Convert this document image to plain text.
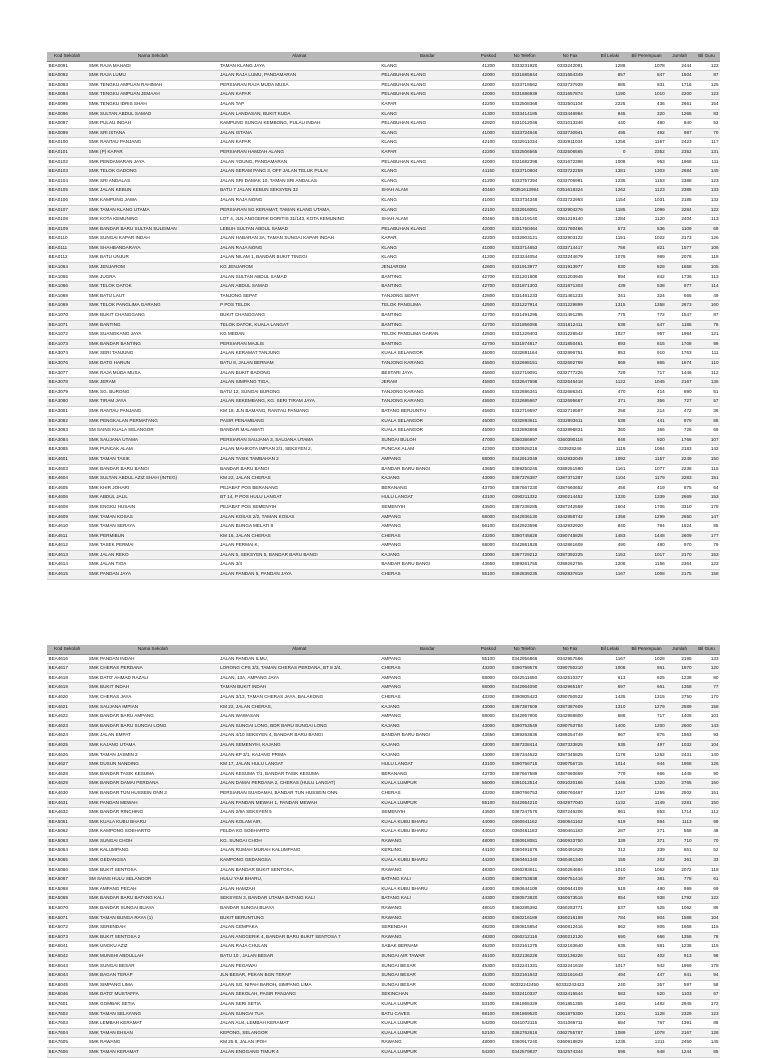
Kod Sekolah	Nama Sekolah	Alamat	Bandar	Poskod	No Telefon	No Fax	Bil Lelaki	Bil Perempuan	Jumlah	Bil Guru
BEA0091	SMK RAJA MAHADI	TAMAN KLANG JAYA	KLANG	41200	0333231920	0333242091	1288	1078	2444	122
BEA0092	SMK RAJA LUMU	JALAN RAJA LUMU, PANDAMARAN	PELABUHAN KLANG	42000	0331685844	0331654349	857	847	1504	87
BEA0093	SMK TENGKU AMPUAN RAHIMAH	PERSIARAN RAJA MUDA MUSA	PELABUHAN KLANG	42000	0333718562	0333737929	885	831	1716	125
BEA0094	SMK TENGKU AMPUAN JEMAAH	JALAN KAPAR	PELABUHAN KLANG	42000	0331686939	0331657874	1190	1010	2200	123
BEA0095	SMK TENGKU IDRIS SHAH	JALAN TAP	KAPAR	42200	0332508368	0332501104	2225	436	2661	154
BEA0096	SMK SULTAN ABDUL SAMAD	JALAN LANDASAN, BUKIT KUDA	KLANG	41300	0333414185	0333446984	845	320	1265	83
BEA0097	SMK PULAU INDAH	KAMPUNG SUNGAI KEMBONG, PULAU INDAH	PELABUHAN KLANG	42920	0331012046	0331013346	440	480	940	53
BEA0099	SMK SRI ISTANA	JALAN ISTANA	KLANG	41000	0333724846	0333730941	495	492	987	70
BEA0100	SMK RANTAU PANJANG	JALAN KAPAR	KLANG	42100	0332911034	0332911034	1256	1167	2423	117
BEA0101	SMK (P) KAPAR	PERSIARAN HAMZAH ALANG	KAPAR	42200	0332506565	0332506565	0	2352	2352	131
BEA0102	SMK PENDAMARAN JAYA	JALAN YOUNG, PANDAMARAN	PELABUHAN KLANG	42000	0331682398	0331672398	1008	953	1968	111
BEA0103	SMK TELOK GADONG	JALAN SERAM PANG 3, OFF JALAN TELUK PULAI	KLANG	41150	0333710804	0333722259	1381	1303	2684	145
BEA0104	SMK SRI ANDALAS	JALAN SRI DAMAK 10, TAMAN SRI ANDALAS	KLANG	41200	0333757394	0333706981	1235	1153	2388	123
BEA0105	SMK JALAN KEBUN	BATU 7 JALAN KEBUN SEKSYEN 32	SHAH ALAM	40460	60351613984	0351618324	1262	1123	2385	133
BEA0106	SMK KAMPUNG JAWA	JALAN RAJA NONG	KLANG	41000	0333734348	0333722953	1154	1031	2185	132
BEA0107	SMK TAMAN KLANG UTAMA	PERSIARAN SG KERAMAT, TAMAN KLANG UTAMA,	KLANG	42100	0332916081	0332904276	1185	1099	2284	122
BEA0108	SMK KOTA KEMUNING	LOT 4, JLN ANGGERIK DORITIS 31/143, KOTA KEMUNING	SHAH ALAM	40460	0351219140	0351219140	1284	1120	2404	113
BEA0109	SMK BANDAR BARU SULTAN SULEIMAN	LEBUH SULTAN ABDUL SAMAD	PELABUHAN KLANG	42000	0331760464	0331760466	573	536	1109	69
BEA0110	SMK SUNGAI KAPAR INDAH	JALAN HABARAN 3A, TAMAN SUNGAI KAPAR INDAH	KAPAR	42200	0332903121	0332903122	1151	1022	2173	126
BEA0111	SMK SHAHBANDARAYA	JALAN RAJA NONG	KLANG	41000	0333714653	0333714417	756	821	1577	106
BEA0112	SMK BATU UNJUR	JALAN NILAM 1, BANDAR BUKIT TINGGI	KLANG	41200	0333244054	0333244679	1079	989	2078	118
BEA1064	SMK JENJAROM	KG JENJAROM	JENJAROM	42600	0331913977	0331913977	830	828	1658	105
BEA1065	SMK JUGRA	JALAN SULTAN ABDUL SAMAD	BANTING	42700	0331201808	0331203946	894	842	1736	113
BEA1066	SMK TELOK DATOK	JALAN ABDUL SAMAD	BANTING	42700	0331871303	0331871303	439	538	977	114
BEA1068	SMK BATU LAUT	TANJONG SEPAT	TANJONG SEPAT	42800	0331481233	0331481233	341	324	665	49
BEA1069	SMK TELOK PANGLIMA GARANG	P POS TELOK	TELOK PANGLIMA	42500	0331227914	0331229899	1315	1358	2673	160
BEA1070	SMK BUKIT CHANGGANG	BUKIT CHANGGANG	BANTING	42700	0331491295	0331491295	775	772	1547	87
BEA1071	SMK BANTING	TELOK DATOK, KUALA LANGAT	BANTING	42700	0331856086	0331812411	538	647	1185	78
BEA1072	SMK SUANGKANG JAYA	KG MEDAN	TELOK PANGLIMA GARAN	42500	0331229403	0331228542	1027	957	1984	121
BEA1073	SMK BANDAR BANTING	PERSIARAN MAJLIS	BANTING	42700	0331874817	0331850461	893	815	1708	99
BEA3074	SMK SERI TANJUNG	JALAN KERAMAT TANJUNG	KUALA SELANGOR	45000	0332891164	0332896751	853	910	1763	111
BEA3076	SMK DATO HARUN	BATU 8, JALAN BERNAM	TANJONG KARANG	45500	0332698151	0332692769	869	865	1674	110
BEA3077	SMK RAJA MUDA MUSA	JALAN BUKIT BADONG	BESTARI JAYA	45600	0332719091	0332777226	729	717	1446	112
BEA3078	SMK JERAM	JALAN SIMPANG TIGA,	JERAM	45800	0332647698	0332646418	1122	1045	2167	136
BEA3079	SMK SG. BURONG	BATU 12, SUNGAI BURONG	TANJONG KARANG	45500	0332686341	0332686341	470	414	890	51
BEA3080	SMK TIRAM JAYA	JALAN SEKEMBANG, KG. SERI TIRAM JAYA	TANJONG KARANG	45500	0332695667	0332695667	371	356	727	57
BEA3081	SMK RANTAU PANJANG	KM 18, JLN BAMANG, RANTAU PANJANG	BATANG BERJUNTAI	45600	0332719597	0332719597	258	214	472	36
BEA3082	SMK PENGKALAN PERMATANG	PASIR PENAMBANG	KUALA SELANGOR	45000	0332893611	0332893611	538	441	979	88
BEA3083	SM SAINS KUALA SELANGOR	BANDAR MALAWATI	KUALA SELANGOR	45000	0332893866	0332896831	360	366	726	69
BEA3084	SMK SAUJANA UTAMA	PERSIARAN SAUJANA 3, SAUJANA UTAMA	SUNGAI BULOH	47000	0360386997	0360390118	846	920	1766	107
BEA3085	SMK PUNCAK ALAM	JALAN MAHKOTA IMPIAN 2/1, SEKSYEN 2,	PUNCAK ALAM	42300	0330928216	033928246	1119	1064	2183	142
BEA4601	SMK TAMAN TASIK	JALAN TASIK TAMBAHAN 2	AMPANG	68000	0342912049	0342832049	1092	1157	2249	150
BEA4603	SMK BANDAR BARU BANGI	BANDAR BARU BANGI	BANDAR BARU BANGI	43650	0389250245	0389251590	1161	1077	2238	115
BEA4604	SMK SULTAN ABDUL AZIZ SHAH (INTEG)	KM 22, JALAN CHERAS	KAJANG	43000	0387376387	0387371287	1104	1179	2283	151
BEA4605	SMK KHIR JOHARI	PEJABAT POS BERANANG	BERANANG	43700	0387667230	0387660652	456	419	875	64
BEA4606	SMK ABDUL JALIL	BT 14, P POS HULU LANGAT	HULU LANGAT	43100	0390211332	0390214452	1330	1339	2669	153
BEA4608	SMK ENGKU HUSAIN	PEJABAT POS SEMENYIH	SEMENYIH	43500	0387238285	0387242569	1604	1706	3310	178
BEA4609	SMK TAMAN KOSAS	JALAN KOSAS 2/2, TAMAN KOSAS	AMPANG	68000	0342936130	0342858742	1358	1299	2650	147
BEA4610	SMK TAMAN SERAYA	JALAN BUNGA MELATI 8	AMPANG	56100	0342923696	0342932920	840	784	1624	95
BEA4611	SMK PERMIBUN	KM 16, JALAN CHERAS	CHERAS	43200	0390745828	0390745828	1483	1448	2609	177
BEA4612	SMK TASEK PERMAI	JALAN PERMAI K,	AMPANG	68000	0342861828	0342861609	490	480	970	79
BEA4613	SMK JALAN REKO	JALAN 5, SEKSYEN 5, BANDAR BARU BANGI	KAJANG	43000	0387729212	0387392225	1153	1017	2170	153
BEA4614	SMK JALAN TIGA	JALAN 3/4	BANDAR BARU BANGI	43650	0389261755	0389262755	1208	1156	2364	123
BEA4615	SMK PANDAN JAYA	JALAN PANDAN 5, PANDAN JAYA	CHERAS	55100	0392839235	0392837819	1167	1008	2175	158
Kod Sekolah	Nama Sekolah	Alamat	Bandar	Poskod	No Telefon	No Fax	Bil Lelaki	Bil Perempuan	Jumlah	Bil Guru
BEA4616	SMK PANDAN INDAH	JALAN PANDAN ILMU,	AMPANG	55100	0342956866	0342957566	1167	1028	2195	133
BEA4617	SMK CHERAS PERDANA	LORONG CPS 3/3, TAMAN CHERAS PERDANA, BT 8 3/4,	CHERAS	43200	0390759576	0390750210	1008	861	1870	120
BEA4618	SMK DATO' AHMAD RAZALI	JALAN, 13A, AMPANG JAYA	AMPANG	68000	0342511650	0342510377	613	625	1238	80
BEA4619	SMK BUKIT INDAH	TAMAN BUKIT INDAH	AMPANG	68000	0342964090	0342965157	697	661	1358	77
BEA4620	SMK CHERAS JAYA	JALAN 3/13, TAMAN CHERAS JAYA, BALAKONG	CHERAS	43200	0390805423	0390750522	1435	1315	2750	170
BEA4621	SMK SAUJANA IMPIAN	KM 22, JALAN CHERAS,	KAJANG	43000	0387387609	0387387609	1310	1279	2589	158
BEA4622	SMK BANDAR BARU AMPANG	JALAN WAWASAN	AMPANG	68000	0342957800	0342958800	688	717	1405	101
BEA4623	SMK BANDAR BARU SUNGAI LONG	JALAN SUNGAI LONG, BDR BARU SUNGAI LONG	KAJANG	43000	0390753549	0390753784	1400	1200	2600	143
BEA4624	SMK JALAN EMPAT	JALAN 4/10 SEKSYEN 4, BANDAR BARU BANGI	BANDAR BARU BANGI	43650	0389263836	0389254749	867	876	1563	93
BEA4625	SMK KAJANG UTAMA	JALAN SEMENYIH, KAJANG	KAJANG	43000	0387338414	0387333825	535	497	1032	104
BEA4626	SMK TAMAN JASMIN 2	JALAN KP 3/1, KAJANG PRIMA	KAJANG	43000	0387344522	0387345825	1178	1252	2431	140
BEA4627	SMK DUSUN NANDING	KM 17, JALAN HULU LANGAT	HULU LANGAT	43100	0390756715	0390756715	1014	944	1958	126
BEA4628	SMK BANDAR TASIK KESUMA	JALAN KESUMA 7/1, BANDAR TASIK KESUMA	BERANANG	43700	0387667589	0387660669	779	666	1445	90
BEA4629	SMK BANDAR DAMAI PERDANA	JALAN DAMAI PERDANA 2, CHERAS (HULU LANGAT)	KUALA LUMPUR	56000	0391012514	0391020166	1445	1320	2765	150
BEA4630	SMK BANDAR TUN HUSSEIN ONN 2	PERSIARAN SUADAMAI, BANDAR TUN HUSSEIN ONN	CHERAS	43200	0390766753	0390760467	1247	1255	2502	151
BEA4631	SMK PANDAN MEWAH	JALAN PANDAN MEWAH 1, PANDAN MEWAH	KUALA LUMPUR	55100	0342954210	0342977040	1132	1149	2281	150
BEA4632	SMK BANDAR RINCHING	JALAN 2/9A SEKSYEN 5	SEMENYIH	43500	0387247576	0387246206	861	853	1714	112
BEA5061	SMK KUALA KUBU BHARU	JALAN KOLAM AIR,	KUALA KUBU BHARU	44000	0360641162	0360641162	519	594	1113	99
BEA5062	SMK KAMPONG SOEHARTO	FELDA KG SOEHARTO	KUALA KUBU BHARU	44010	0360461183	0360461183	287	271	558	48
BEA5063	SMK SUNGAI CHOH	KG. SUNGAI CHOH	RAWANG	48000	0360918081	0360933750	339	371	710	70
BEA5064	SMK KALUMPANG	JALAN RUMAH MURAH KALUMPANG	KERLING	44100	0360491676	0360491629	312	339	651	52
BEA5065	SMK GEDANGSA	KAMPONG GEDANGSA	KUALA KUBU BHARU	44200	0360461340	0360461340	159	202	361	33
BEA5066	SMK BUKIT SENTOSA	JALAN BANDAR BUKIT SENTOSA,	RAWANG	48300	0360283611	0360284684	1010	1062	2072	118
BEA5067	SM SAINS HULU SELANGOR	HULU YAM BHARU,	BATANG KALI	44300	0360753838	0360751416	397	381	778	61
BEA5068	SMK AMPANG PECAH	JALAN HAMZAH	KUALA KUBU BHARU	44000	0360644109	0360644109	519	480	999	69
BEA5069	SMK BANDAR BARU BATANG KALI	SEKSYEN 3, BANDAR UTAMA BATANG KALI	BATANG KALI	44300	0360573820	0360573516	854	938	1792	122
BEA5070	SMK BANDAR SUNGAI BUAYA	BANDAR SUNGAI BUAYA	RAWANG	48010	0360285392	0360283771	537	525	1062	86
BEA5071	SMK TAMAN BUNGA RAYA (1)	BUKIT BERUNTUNG	RAWANG	48300	0360216189	0360216189	784	804	1588	104
BEA5072	SMK SERENDAH	JALAN CEMPAKA	SERENDAH	48200	0360815854	0360812416	862	806	1668	115
BEA5073	SMK BUKIT SENTOSA 2	JALAN ANGGERIK 4, BANDAR BARU BUKIT SENTOSA 7	RAWANG	48300	0360212116	0360212120	690	666	1356	78
BEA6041	SMK UNGKU AZIZ	JALAN RAJA CHULAN	SABAK BERNAM	45200	0332161275	0332163640	635	581	1236	115
BEA6042	SMK MUNSHI ABDULLAH	BATU 10 , JALAN BESAR	SUNGAI AIR TAWAR	45100	0332136226	0332136226	511	402	913	98
BEA6043	SMK SUNGAI BESAR	JALAN PEGAWAI	SUNGAI BESAR	45300	0332241331	0332241618	1017	942	1959	178
BEA6044	SMK BAGAN TERAP	JLN BESAR, PEKAN BGN TERAP	SUNGAI BESAR	45300	0332161643	0332161643	494	447	941	94
BEA6045	SMK SIMPANG LIMA	JALAN SG. NIPAH BAROH, SIMPANG LIMA	SUNGAI BESAR	45300	60332242450	60332243423	240	357	597	58
BEA6046	SMK DATO' MUSTAFFA	JALAN SEKOLAH, PASIR PANJANG	SEKINCHAN	45400	0332410337	0332415544	583	520	1103	67
BEA7601	SMK GOMBAK SETIA	JALAN SERI SETIA	KUALA LUMPUR	53100	0361865329	0361851355	1483	1482	2945	172
BEA7602	SMK TAMAN SELAYANG	JALAN SUNGAI TUA	BATU CAVES	68100	0361869520	0361875300	1201	1128	2329	123
BEA7603	SMK LEMBAH KERAMAT	JALAN AU4, LEMBAH KERAMAT	KUALA LUMPUR	54200	0341072115	0341066711	684	767	1391	88
BEA7604	SMK TAMAN EHSAN	KEPONG, SELANGOR	KUALA LUMPUR	52100	0362762616	0362755767	1089	1078	2167	128
BEA7605	SMK RAWANG	KM 25 8, JALAN IPOH	RAWANG	48000	0360917240	0360918829	1235	1211	2450	145
BEA7606	SMK TAMAN KERAMAT	JALAN ENGGANG TIMUR 4	KUALA LUMPUR	54200	0342579837	0342574344	596	648	1244	85
